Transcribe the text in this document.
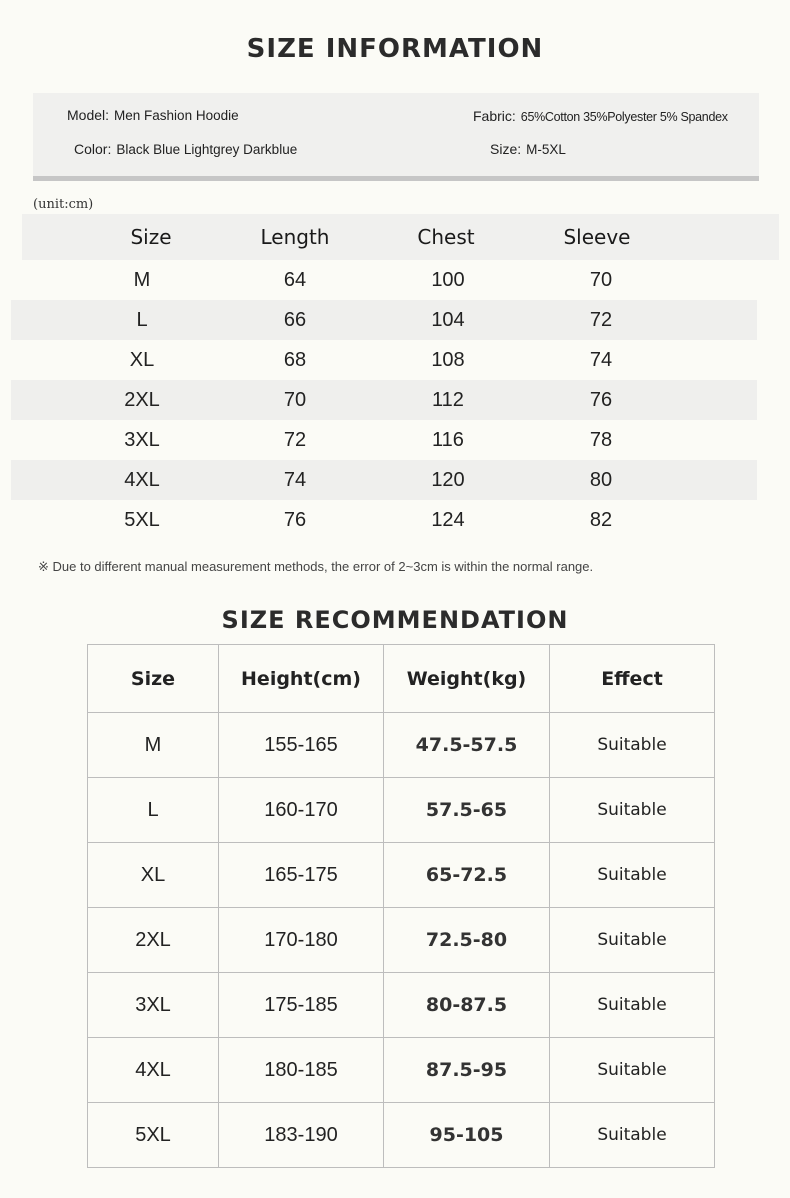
SIZE INFORMATION
Model: Men Fashion Hoodie
Color: Black Blue Lightgrey Darkblue
Fabric: 65%Cotton 35%Polyester 5% Spandex
Size: M-5XL
(unit:cm)
Size	Length	Chest	Sleeve
M	64	100	70
L	66	104	72
XL	68	108	74
2XL	70	112	76
3XL	72	116	78
4XL	74	120	80
5XL	76	124	82
※ Due to different manual measurement methods, the error of 2~3cm is within the normal range.
SIZE RECOMMENDATION
Size	Height(cm)	Weight(kg)	Effect
M	155-165	47.5-57.5	Suitable
L	160-170	57.5-65	Suitable
XL	165-175	65-72.5	Suitable
2XL	170-180	72.5-80	Suitable
3XL	175-185	80-87.5	Suitable
4XL	180-185	87.5-95	Suitable
5XL	183-190	95-105	Suitable
